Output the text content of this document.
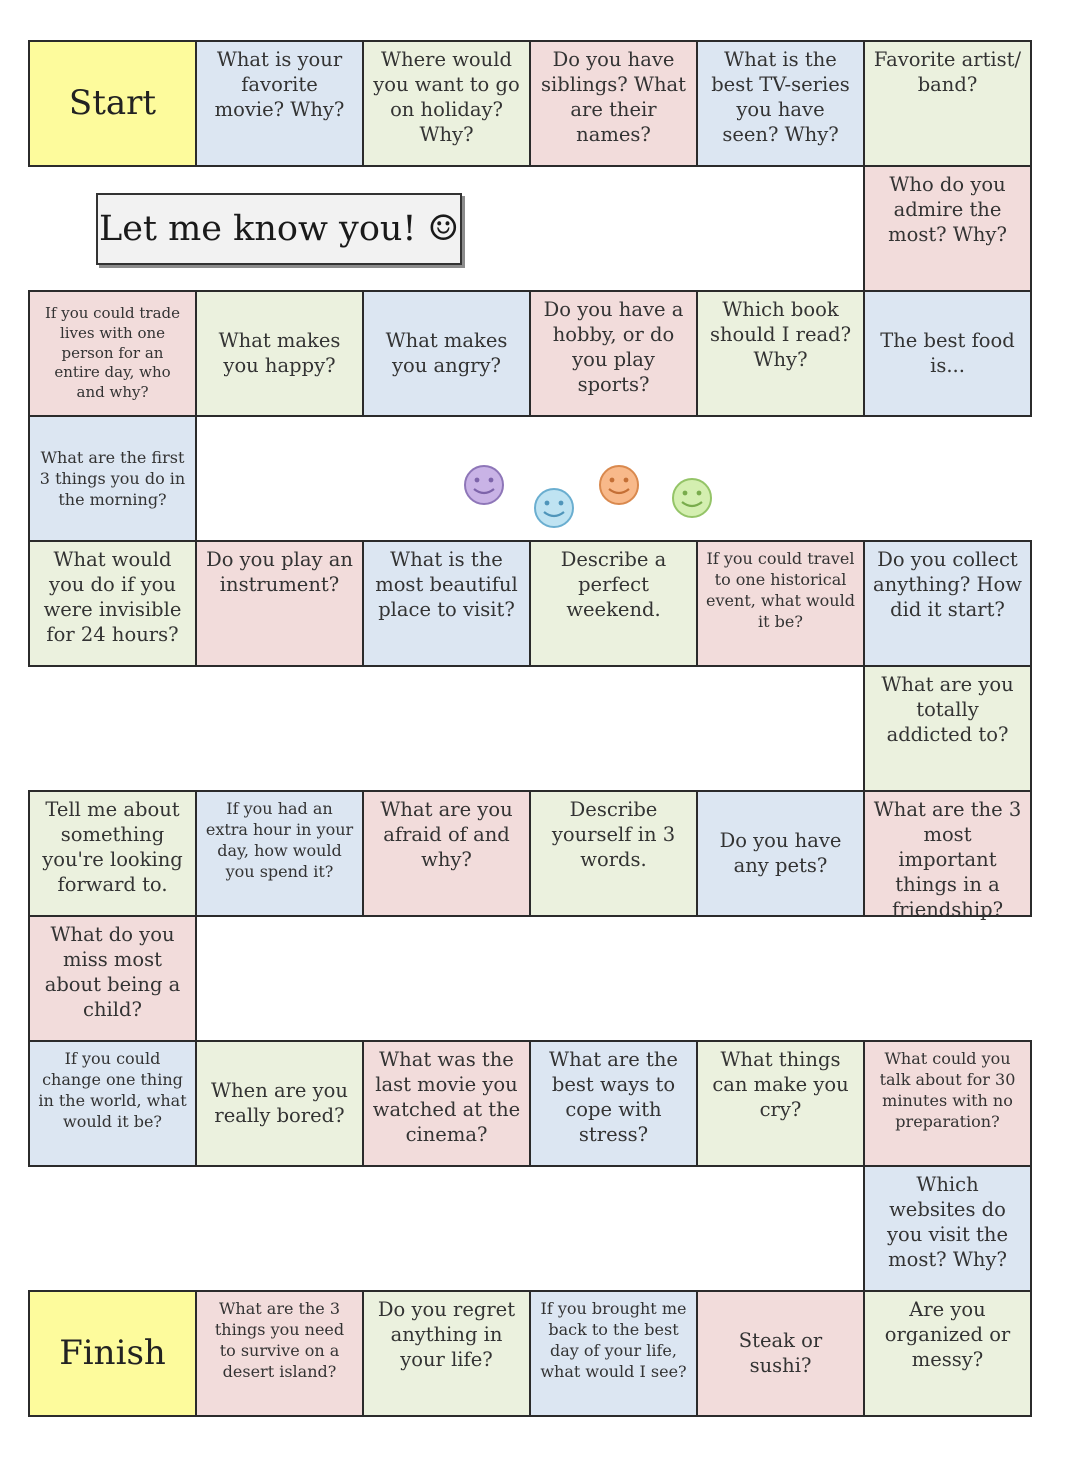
Let me know you! ☺
Start
What is your favorite movie? Why?
Where would you want to go on holiday? Why?
Do you have siblings? What are their names?
What is the best TV-series you have seen? Why?
Favorite artist/ band?
Who do you admire the most? Why?
The best food is...
Which book should I read? Why?
Do you have a hobby, or do you play sports?
What makes you angry?
What makes you happy?
If you could trade lives with one person for an entire day, who and why?
What are the first 3 things you do in the morning?
What would you do if you were invisible for 24 hours?
Do you play an instrument?
What is the most beautiful place to visit?
Describe a perfect weekend.
If you could travel to one historical event, what would it be?
Do you collect anything? How did it start?
What are you totally addicted to?
What are the 3 most important things in a friendship?
Do you have any pets?
Describe yourself in 3 words.
What are you afraid of and why?
If you had an extra hour in your day, how would you spend it?
Tell me about something you're looking forward to.
What do you miss most about being a child?
If you could change one thing in the world, what would it be?
When are you really bored?
What was the last movie you watched at the cinema?
What are the best ways to cope with stress?
What things can make you cry?
What could you talk about for 30 minutes with no preparation?
Which websites do you visit the most? Why?
Are you organized or messy?
Steak or sushi?
If you brought me back to the best day of your life, what would I see?
Do you regret anything in your life?
What are the 3 things you need to survive on a desert island?
Finish
